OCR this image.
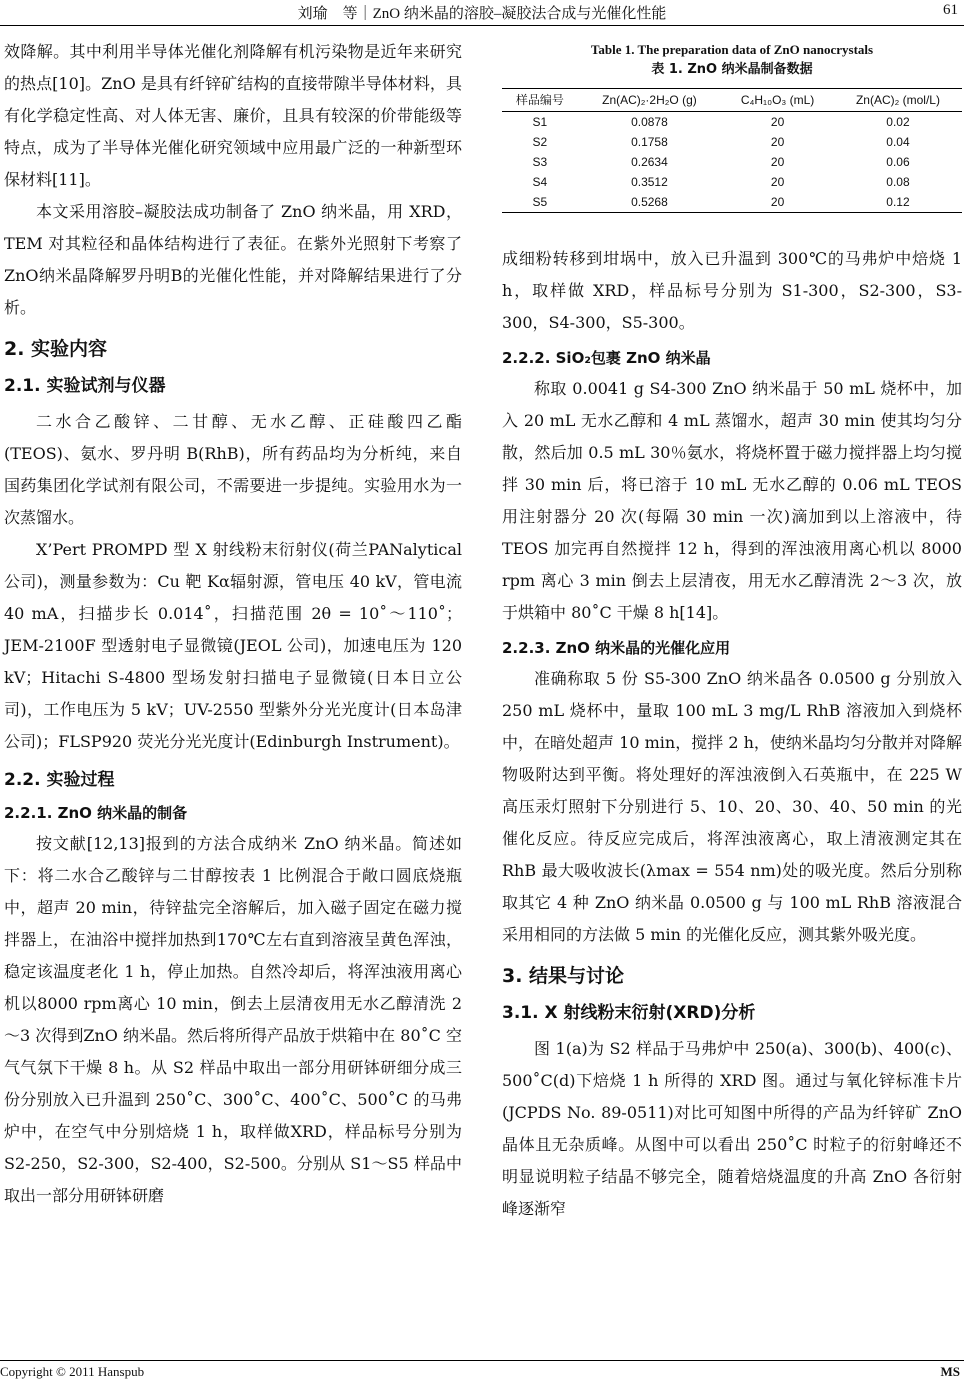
刘瑜　等｜ZnO 纳米晶的溶胶–凝胶法合成与光催化性能	61

效降解。其中利用半导体光催化剂降解有机污染物是近年来研究的热点[10]。ZnO 是具有纤锌矿结构的直接带隙半导体材料，具有化学稳定性高、对人体无害、廉价，且具有较深的价带能级等特点，成为了半导体光催化研究领域中应用最广泛的一种新型环保材料[11]。

本文采用溶胶–凝胶法成功制备了 ZnO 纳米晶，用 XRD，TEM 对其粒径和晶体结构进行了表征。在紫外光照射下考察了ZnO纳米晶降解罗丹明B的光催化性能，并对降解结果进行了分析。

2. 实验内容
2.1. 实验试剂与仪器

二水合乙酸锌、二甘醇、无水乙醇、正硅酸四乙酯(TEOS)、氨水、罗丹明 B(RhB)，所有药品均为分析纯，来自国药集团化学试剂有限公司，不需要进一步提纯。实验用水为一次蒸馏水。

X’Pert PROMPD 型 X 射线粉末衍射仪(荷兰PANalytical 公司)，测量参数为：Cu 靶 Kα辐射源，管电压 40 kV，管电流 40 mA，扫描步长 0.014˚，扫描范围 2θ = 10˚～110˚；JEM-2100F 型透射电子显微镜(JEOL 公司)，加速电压为 120 kV；Hitachi S-4800 型场发射扫描电子显微镜(日本日立公司)，工作电压为 5 kV；UV-2550 型紫外分光光度计(日本岛津公司)；FLSP920 荧光分光光度计(Edinburgh Instrument)。

2.2. 实验过程
2.2.1. ZnO 纳米晶的制备

按文献[12,13]报到的方法合成纳米 ZnO 纳米晶。简述如下：将二水合乙酸锌与二甘醇按表 1 比例混合于敞口圆底烧瓶中，超声 20 min，待锌盐完全溶解后，加入磁子固定在磁力搅拌器上，在油浴中搅拌加热到170℃左右直到溶液呈黄色浑浊，稳定该温度老化 1 h，停止加热。自然冷却后，将浑浊液用离心机以8000 rpm离心 10 min，倒去上层清夜用无水乙醇清洗 2～3 次得到ZnO 纳米晶。然后将所得产品放于烘箱中在 80˚C 空气气氛下干燥 8 h。从 S2 样品中取出一部分用研钵研细分成三份分别放入已升温到 250˚C、300˚C、400˚C、500˚C 的马弗炉中，在空气中分别焙烧 1 h，取样做XRD，样品标号分别为S2-250，S2-300，S2-400，S2-500。分别从 S1～S5 样品中取出一部分用研钵研磨

Table 1. The preparation data of ZnO nanocrystals
表 1. ZnO 纳米晶制备数据
样品编号	Zn(AC)₂·2H₂O (g)	C₄H₁₀O₃ (mL)	Zn(AC)₂ (mol/L)
S1	0.0878	20	0.02
S2	0.1758	20	0.04
S3	0.2634	20	0.06
S4	0.3512	20	0.08
S5	0.5268	20	0.12

成细粉转移到坩埚中，放入已升温到 300℃的马弗炉中焙烧 1 h，取样做 XRD，样品标号分别为 S1-300，S2-300，S3-300，S4-300，S5-300。

2.2.2. SiO₂包裹 ZnO 纳米晶

称取 0.0041 g S4-300 ZnO 纳米晶于 50 mL 烧杯中，加入 20 mL 无水乙醇和 4 mL 蒸馏水，超声 30 min 使其均匀分散，然后加 0.5 mL 30％氨水，将烧杯置于磁力搅拌器上均匀搅拌 30 min 后，将已溶于 10 mL 无水乙醇的 0.06 mL TEOS 用注射器分 20 次(每隔 30 min 一次)滴加到以上溶液中，待 TEOS 加完再自然搅拌 12 h，得到的浑浊液用离心机以 8000 rpm 离心 3 min 倒去上层清夜，用无水乙醇清洗 2～3 次，放于烘箱中 80˚C 干燥 8 h[14]。

2.2.3. ZnO 纳米晶的光催化应用

准确称取 5 份 S5-300 ZnO 纳米晶各 0.0500 g 分别放入 250 mL 烧杯中，量取 100 mL 3 mg/L RhB 溶液加入到烧杯中，在暗处超声 10 min，搅拌 2 h，使纳米晶均匀分散并对降解物吸附达到平衡。将处理好的浑浊液倒入石英瓶中，在 225 W 高压汞灯照射下分别进行 5、10、20、30、40、50 min 的光催化反应。待反应完成后，将浑浊液离心，取上清液测定其在 RhB 最大吸收波长(λmax = 554 nm)处的吸光度。然后分别称取其它 4 种 ZnO 纳米晶 0.0500 g 与 100 mL RhB 溶液混合采用相同的方法做 5 min 的光催化反应，测其紫外吸光度。

3. 结果与讨论
3.1. X 射线粉末衍射(XRD)分析

图 1(a)为 S2 样品于马弗炉中 250(a)、300(b)、400(c)、500˚C(d)下焙烧 1 h 所得的 XRD 图。通过与氧化锌标准卡片(JCPDS No. 89-0511)对比可知图中所得的产品为纤锌矿 ZnO 晶体且无杂质峰。从图中可以看出 250˚C 时粒子的衍射峰还不明显说明粒子结晶不够完全，随着焙烧温度的升高 ZnO 各衍射峰逐渐窄

Copyright © 2011 Hanspub	MS
